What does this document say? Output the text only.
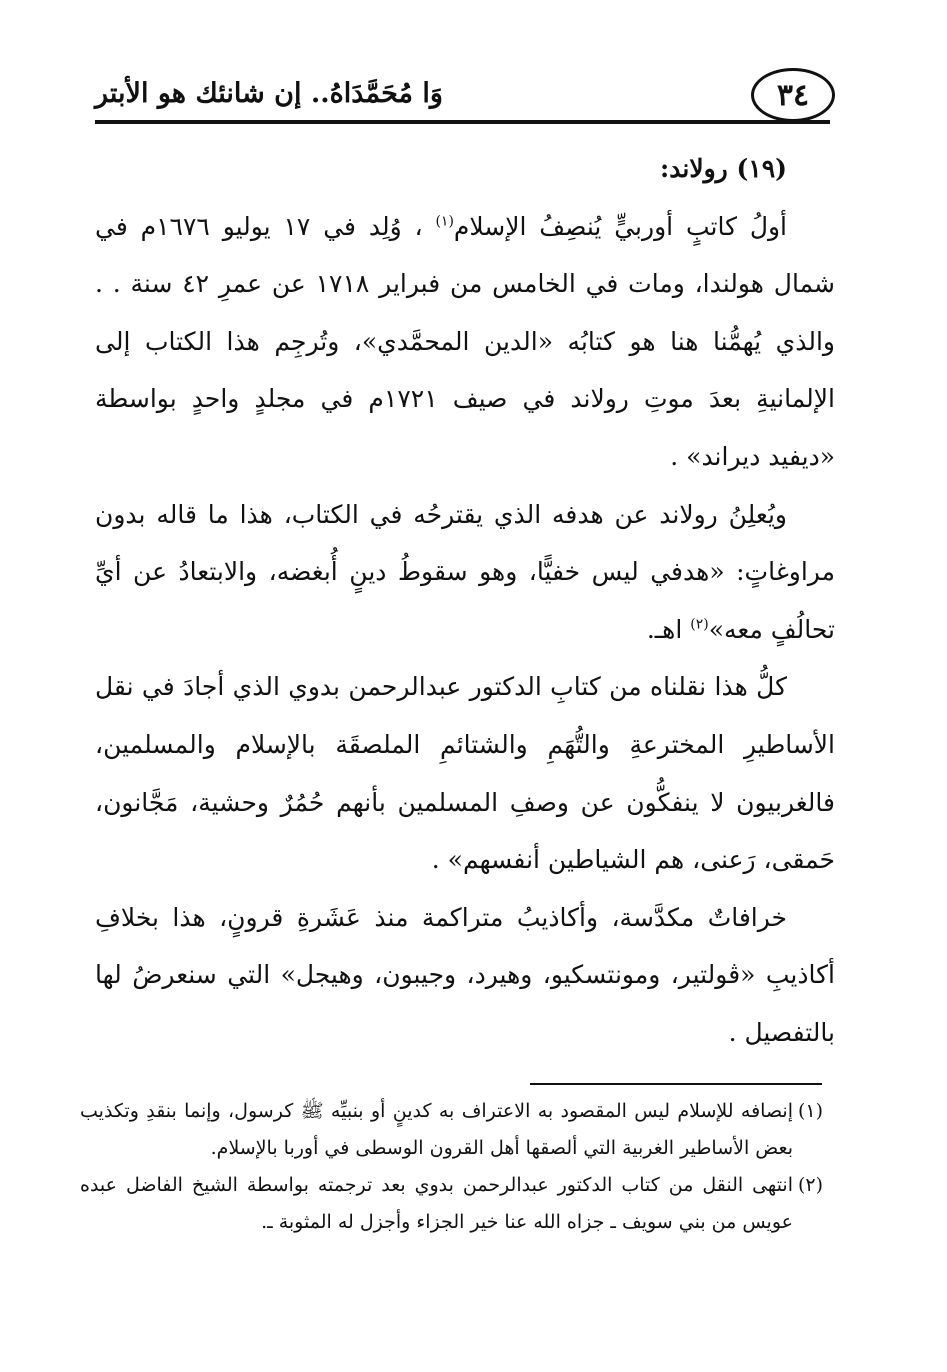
٣٤
وَا مُحَمَّدَاهُ.. إن شانئك هو الأبتر

(١٩) رولاند:

أولُ كاتبٍ أوربيٍّ يُنصِفُ الإسلام$^{(١)}$ ، وُلِد في ١٧ يوليو ١٦٧٦م في شمال هولندا، ومات في الخامس من فبراير ١٧١٨ عن عمرِ ٤٢ سنة . . والذي يُهمُّنا هنا هو كتابُه «الدين المحمَّدي»، وتُرجِم هذا الكتاب إلى الإلمانيةِ بعدَ موتِ رولاند في صيف ١٧٢١م في مجلدٍ واحدٍ بواسطة «ديفيد ديراند» .

ويُعلِنُ رولاند عن هدفه الذي يقترحُه في الكتاب، هذا ما قاله بدون مراوغاتٍ: «هدفي ليس خفيًّا، وهو سقوطُ دينٍ أُبغضه، والابتعادُ عن أيِّ تحالُفٍ معه»$^{(٢)}$ اهـ.

كلُّ هذا نقلناه من كتابِ الدكتور عبدالرحمن بدوي الذي أجادَ في نقل الأساطيرِ المخترعةِ والتُّهَمِ والشتائمِ الملصقَة بالإسلام والمسلمين، فالغربيون لا ينفكُّون عن وصفِ المسلمين بأنهم حُمُرٌ وحشية، مَجَّانون، حَمقى، رَعنى، هم الشياطين أنفسهم» .

خرافاتٌ مكدَّسة، وأكاذيبُ متراكمة منذ عَشَرةِ قرونٍ، هذا بخلافِ أكاذيبِ «ڤولتير، ومونتسكيو، وهيرد، وجيبون، وهيجل» التي سنعرضُ لها بالتفصيل .

(١)إنصافه للإسلام ليس المقصود به الاعتراف به كدينٍ أو بنبيِّه ﷺ كرسول، وإنما بنقدِ وتكذيب بعض الأساطير الغربية التي ألصقها أهل القرون الوسطى في أوربا بالإسلام.

(٢)انتهى النقل من كتاب الدكتور عبدالرحمن بدوي بعد ترجمته بواسطة الشيخ الفاضل عبده عويس من بني سويف ـ جزاه الله عنا خير الجزاء وأجزل له المثوبة ـ.
